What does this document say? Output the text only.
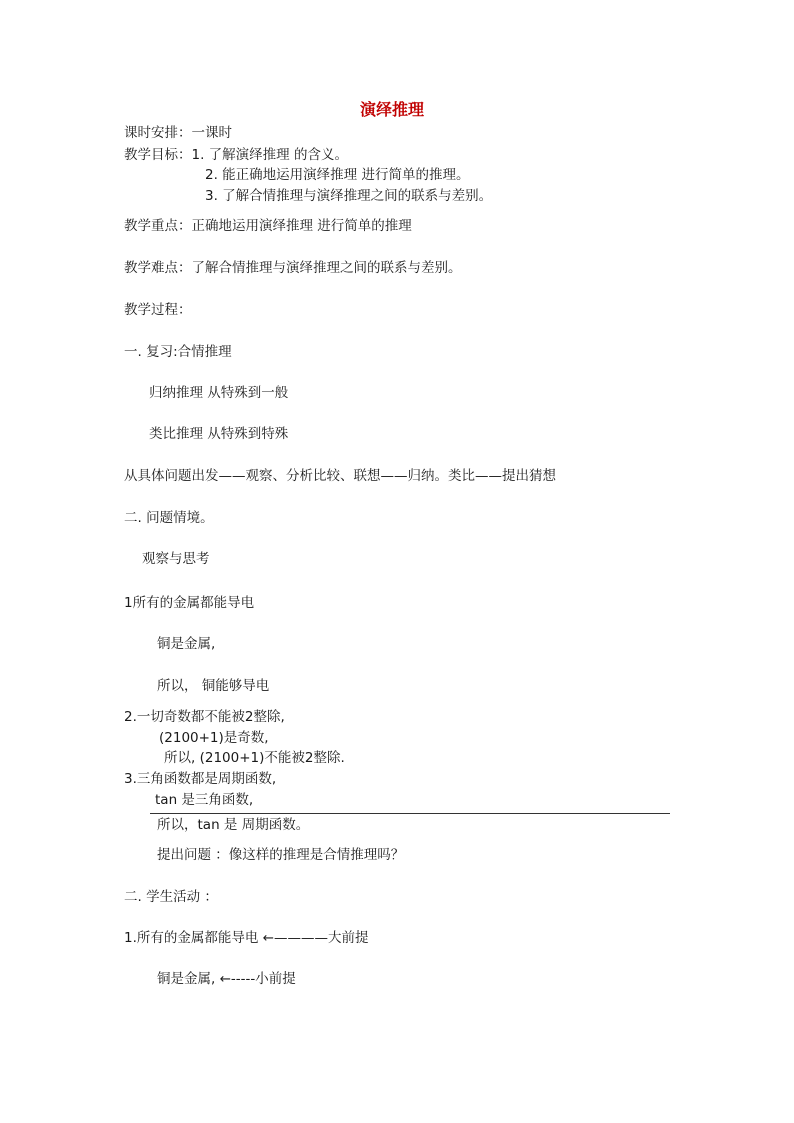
演绎推理
课时安排：一课时
教学目标：1. 了解演绎推理 的含义。
2. 能正确地运用演绎推理 进行简单的推理。
3. 了解合情推理与演绎推理之间的联系与差别。
教学重点：正确地运用演绎推理 进行简单的推理
教学难点：了解合情推理与演绎推理之间的联系与差别。
教学过程：
一. 复习:合情推理
归纳推理 从特殊到一般
类比推理 从特殊到特殊
从具体问题出发——观察、分析比较、联想——归纳。类比——提出猜想
二. 问题情境。
观察与思考
1所有的金属都能导电
铜是金属,
所以， 铜能够导电
2.一切奇数都不能被2整除,
(2100+1)是奇数,
所以, (2100+1)不能被2整除.
3.三角函数都是周期函数,
tan 是三角函数,
所以，tan 是 周期函数。
提出问题 ：像这样的推理是合情推理吗？
二. 学生活动 ：
1.所有的金属都能导电 ←————大前提
铜是金属, ←-----小前提
